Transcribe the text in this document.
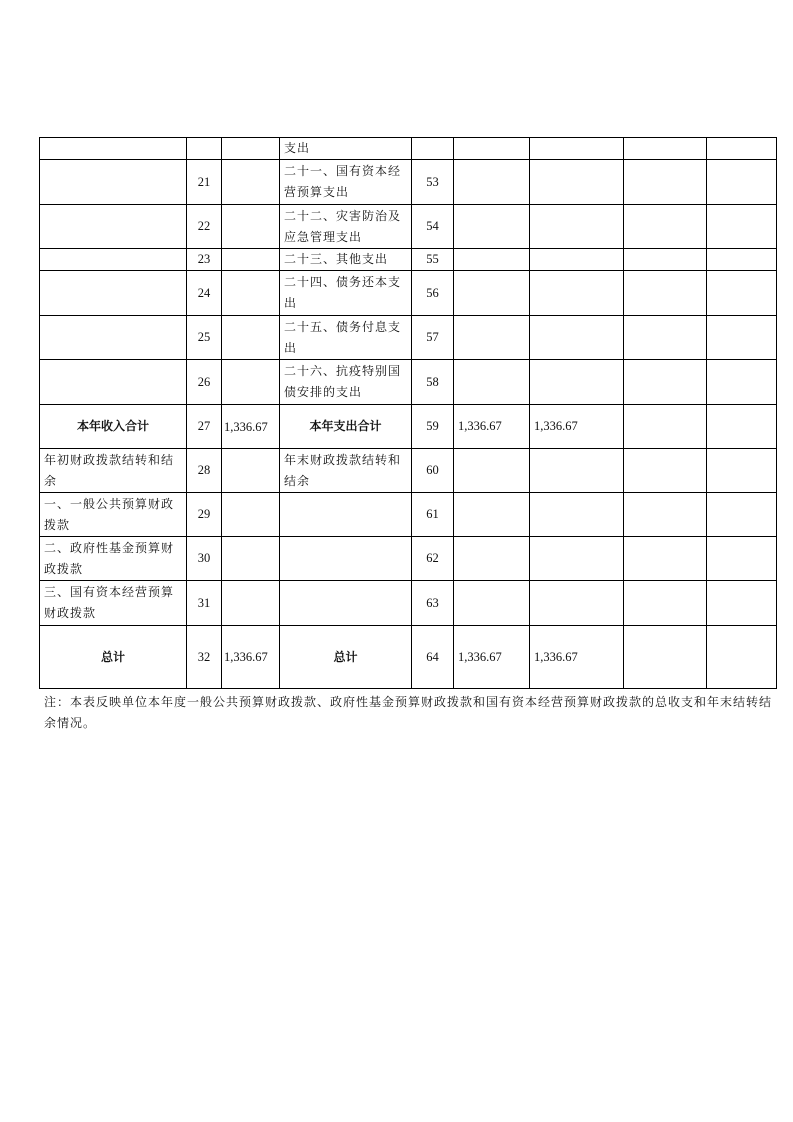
			支出					
	21		二十一、国有资本经营预算支出	53				
	22		二十二、灾害防治及应急管理支出	54				
	23		二十三、其他支出	55				
	24		二十四、债务还本支出	56				
	25		二十五、债务付息支出	57				
	26		二十六、抗疫特别国债安排的支出	58				
本年收入合计	27	1,336.67	本年支出合计	59	1,336.67	1,336.67		
年初财政拨款结转和结余	28		年末财政拨款结转和结余	60				
一、一般公共预算财政拨款	29			61				
二、政府性基金预算财政拨款	30			62				
三、国有资本经营预算财政拨款	31			63				
总计	32	1,336.67	总计	64	1,336.67	1,336.67		

注：本表反映单位本年度一般公共预算财政拨款、政府性基金预算财政拨款和国有资本经营预算财政拨款的总收支和年末结转结余情况。
